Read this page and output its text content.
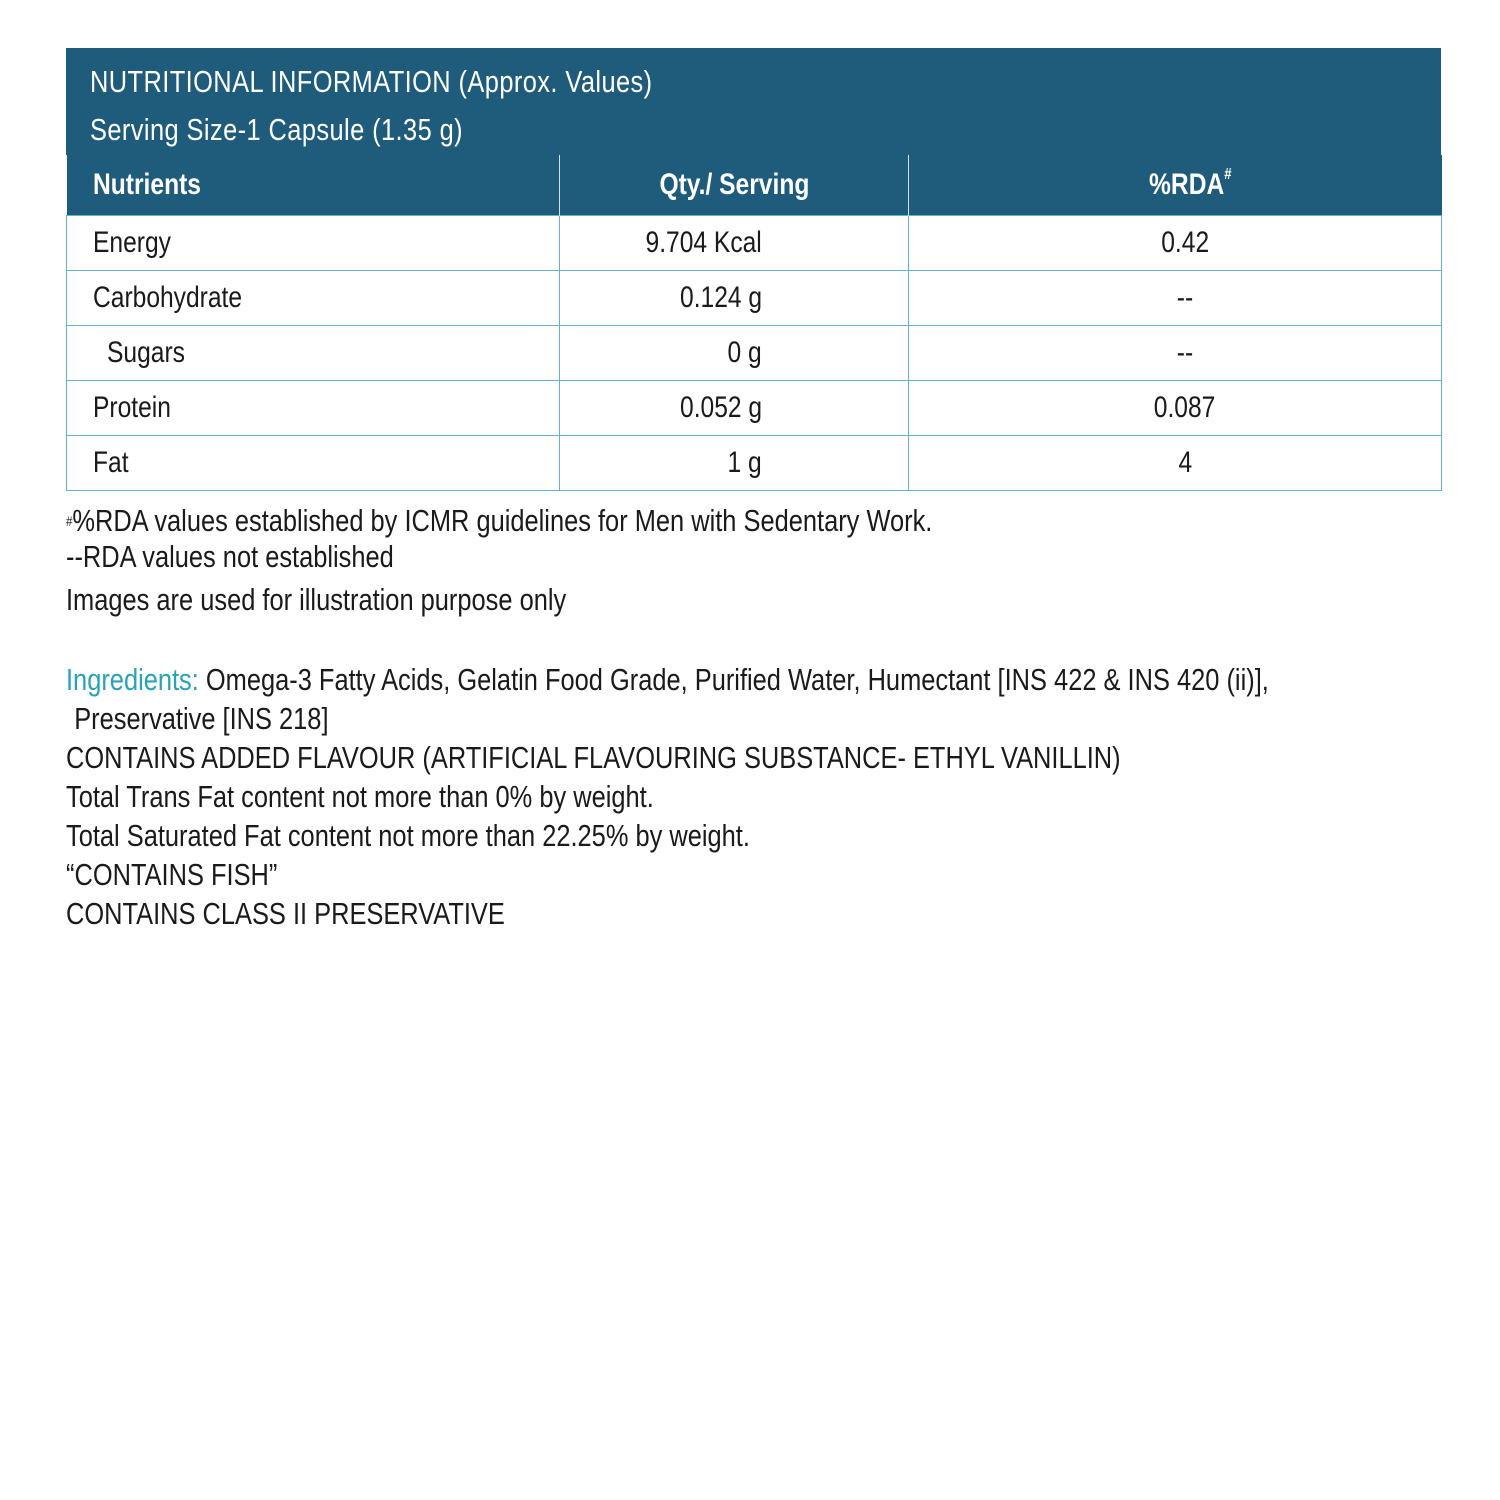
NUTRITIONAL INFORMATION (Approx. Values)
Serving Size-1 Capsule (1.35 g)
Nutrients	Qty./ Serving	%RDA#
Energy	9.704 Kcal	0.42
Carbohydrate	0.124 g	--
Sugars	0 g	--
Protein	0.052 g	0.087
Fat	1 g	4
#%RDA values established by ICMR guidelines for Men with Sedentary Work.
--RDA values not established
Images are used for illustration purpose only
Ingredients: Omega-3 Fatty Acids, Gelatin Food Grade, Purified Water, Humectant [INS 422 & INS 420 (ii)],
Preservative [INS 218]
CONTAINS ADDED FLAVOUR (ARTIFICIAL FLAVOURING SUBSTANCE- ETHYL VANILLIN)
Total Trans Fat content not more than 0% by weight.
Total Saturated Fat content not more than 22.25% by weight.
“CONTAINS FISH”
CONTAINS CLASS II PRESERVATIVE
